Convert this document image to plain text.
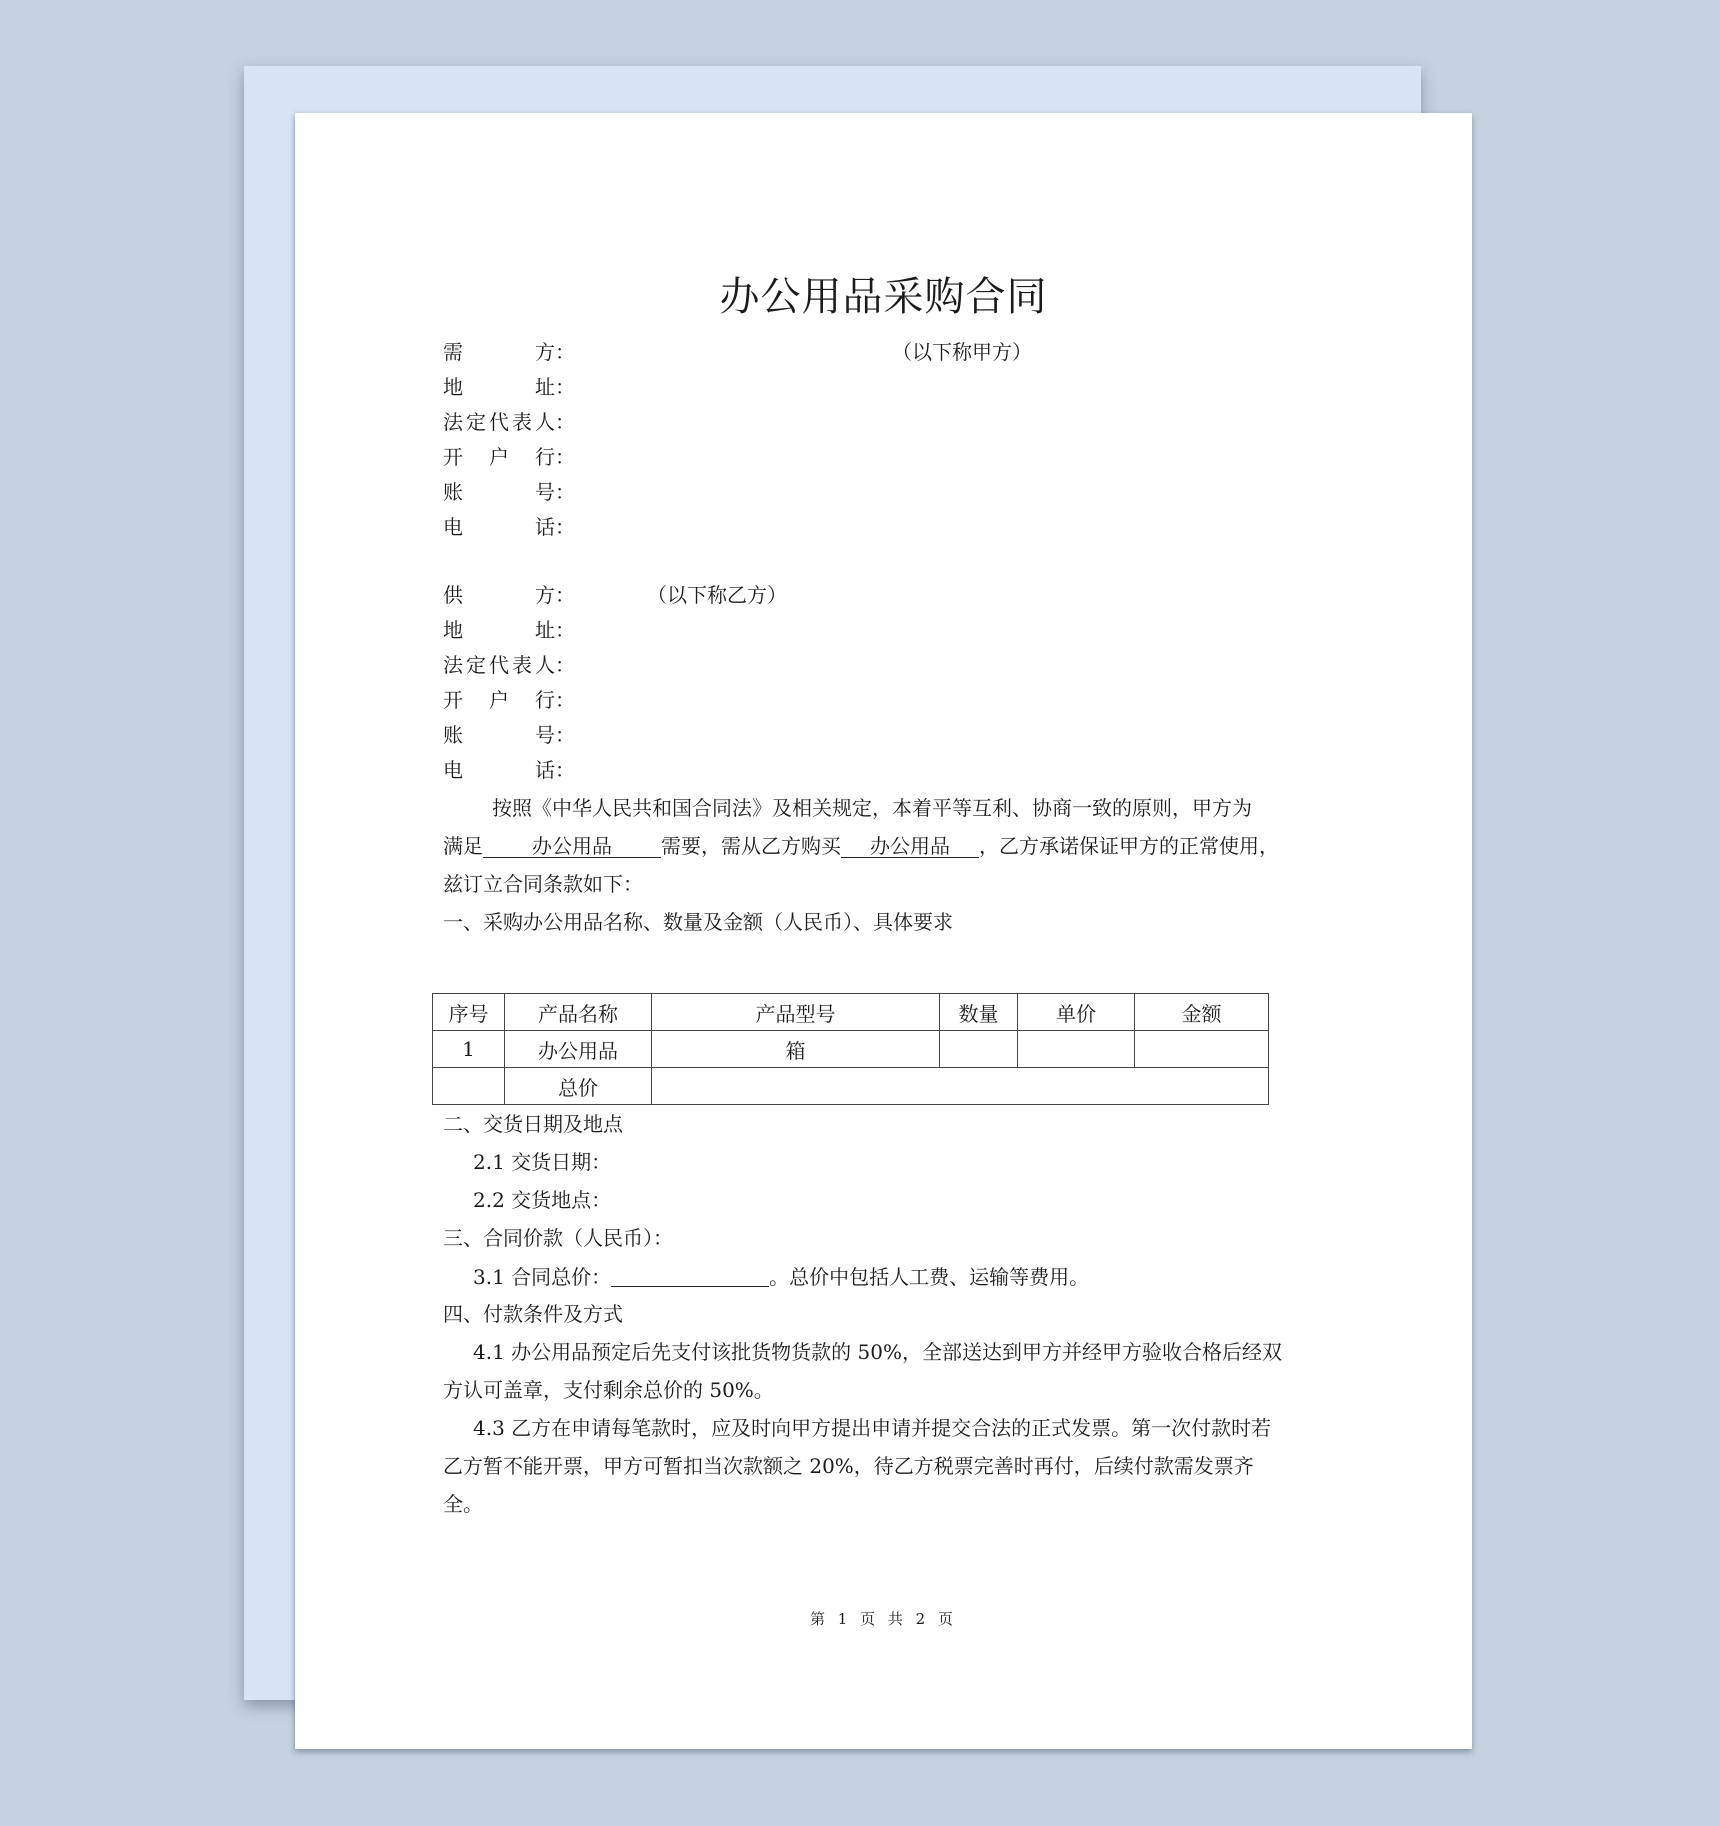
办公用品采购合同
需	方 ：	（以下称甲方）
地	址 ：
法 定 代 表 人 ：
开 户 行 ：
账	号 ：
电	话 ：
供	方 ：	（以下称乙方）
地	址 ：
法 定 代 表 人 ：
开 户 行 ：
账	号 ：
电	话 ：
按照《中华人民共和国合同法》及相关规定，本着平等互利、协商一致的原则，甲方为
满足 办公用品 需要，需从乙方购买 办公用品 ，乙方承诺保证甲方的正常使用，
兹订立合同条款如下：
一、采购办公用品名称、数量及金额（人民币）、具体要求
序号	产品名称	产品型号	数量	单价	金额
1	办公用品	箱			
	总价				
二、交货日期及地点
2.1 交货日期：
2.2 交货地点：
三、合同价款（人民币）：
3.1 合同总价：	。总价中包括人工费、运输等费用。
四、付款条件及方式
4.1 办公用品预定后先支付该批货物货款的 50%，全部送达到甲方并经甲方验收合格后经双
方认可盖章，支付剩余总价的 50%。
4.3 乙方在申请每笔款时，应及时向甲方提出申请并提交合法的正式发票。第一次付款时若
乙方暂不能开票，甲方可暂扣当次款额之 20%，待乙方税票完善时再付，后续付款需发票齐
全。
第 1 页 共 2 页
